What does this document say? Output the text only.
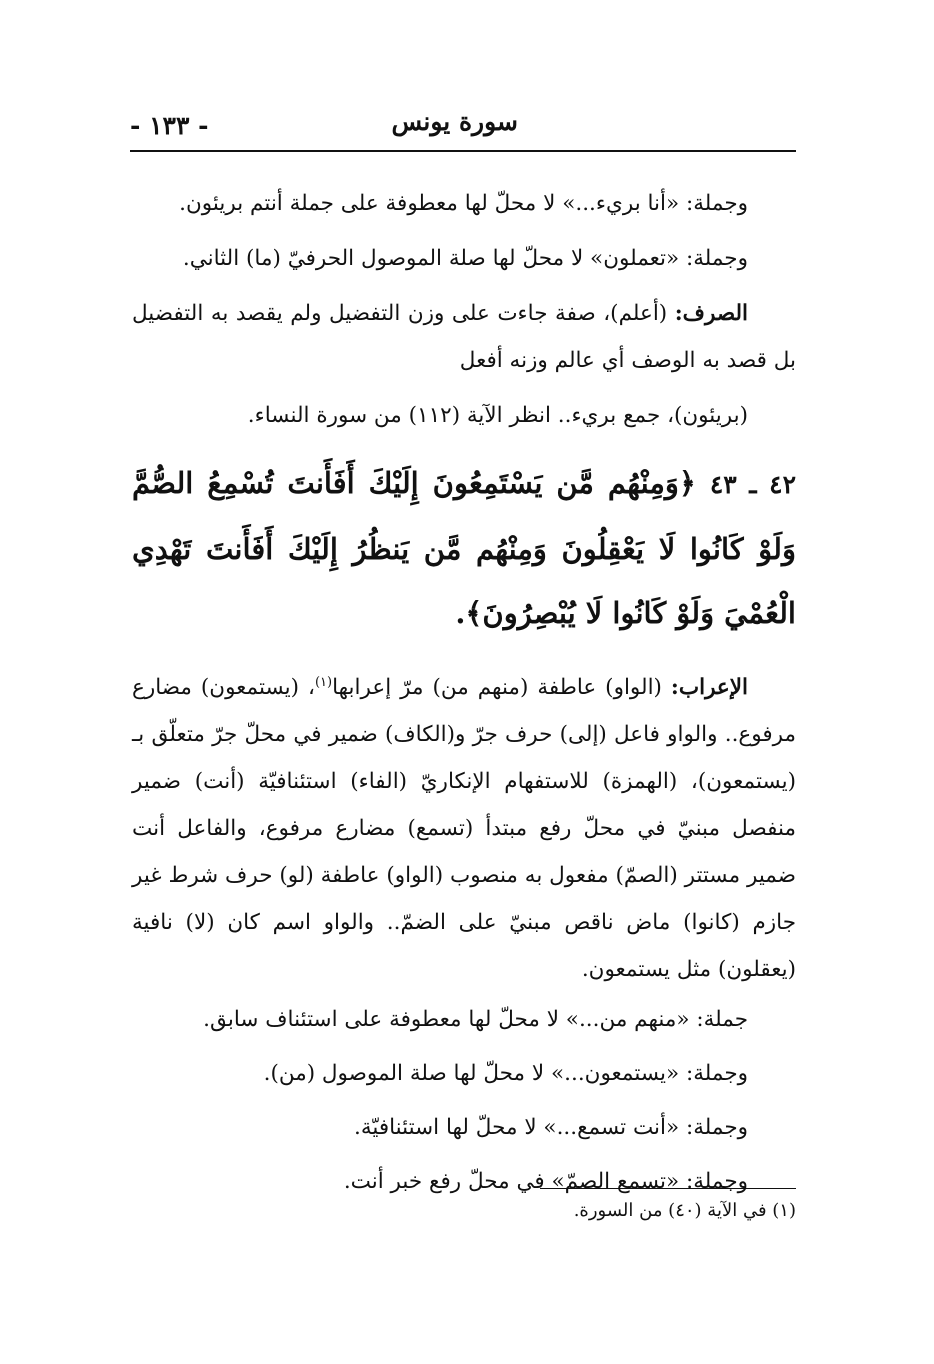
سورة يونس
- ١٣٣ -

وجملة: «أنا بريء...» لا محلّ لها معطوفة على جملة أنتم بريئون.

وجملة: «تعملون» لا محلّ لها صلة الموصول الحرفيّ (ما) الثاني.

الصرف: (أعلم)، صفة جاءت على وزن التفضيل ولم يقصد به التفضيل بل قصد به الوصف أي عالم وزنه أفعل

(بريئون)، جمع بريء.. انظر الآية (١١٢) من سورة النساء.

٤٢ ـ ٤٣ ﴿وَمِنْهُم مَّن يَسْتَمِعُونَ إِلَيْكَ أَفَأَنتَ تُسْمِعُ الصُّمَّ وَلَوْ كَانُوا لَا يَعْقِلُونَ وَمِنْهُم مَّن يَنظُرُ إِلَيْكَ أَفَأَنتَ تَهْدِي الْعُمْيَ وَلَوْ كَانُوا لَا يُبْصِرُونَ﴾.

الإعراب: (الواو) عاطفة (منهم من) مرّ إعرابها$^{(١)}$، (يستمعون) مضارع مرفوع.. والواو فاعل (إلى) حرف جرّ و(الكاف) ضمير في محلّ جرّ متعلّق بـ (يستمعون)، (الهمزة) للاستفهام الإنكاريّ (الفاء) استئنافيّة (أنت) ضمير منفصل مبنيّ في محلّ رفع مبتدأ (تسمع) مضارع مرفوع، والفاعل أنت ضمير مستتر (الصمّ) مفعول به منصوب (الواو) عاطفة (لو) حرف شرط غير جازم (كانوا) ماض ناقص مبنيّ على الضمّ.. والواو اسم كان (لا) نافية (يعقلون) مثل يستمعون.

جملة: «منهم من...» لا محلّ لها معطوفة على استئناف سابق.

وجملة: «يستمعون...» لا محلّ لها صلة الموصول (من).

وجملة: «أنت تسمع...» لا محلّ لها استئنافيّة.

وجملة: «تسمع الصمّ» في محلّ رفع خبر أنت.

(١) في الآية (٤٠) من السورة.
